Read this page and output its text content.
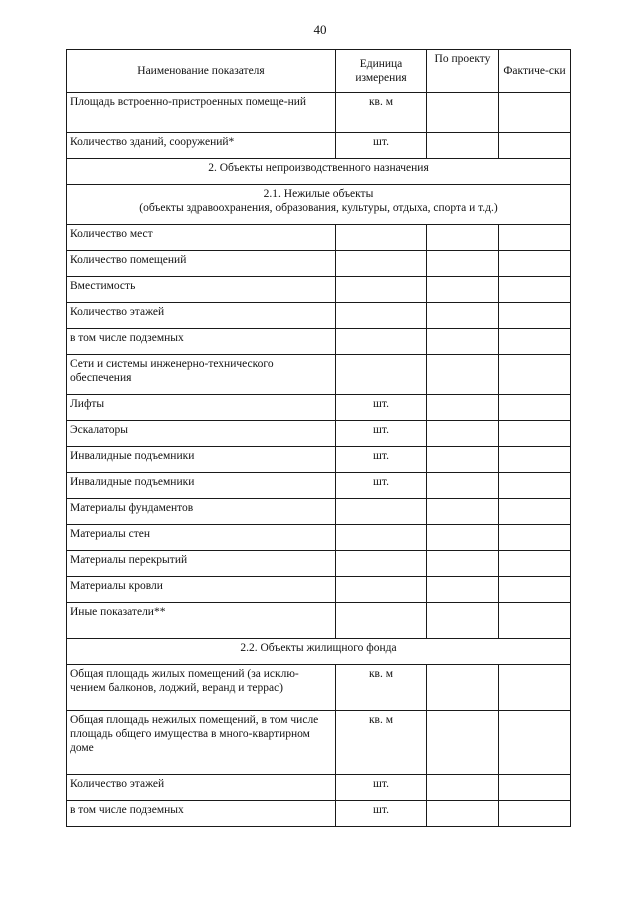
40
Наименование показателя	Единица измерения	По проекту	Фактиче-ски
Площадь встроенно-пристроенных помеще-ний	кв. м		
Количество зданий, сооружений*	шт.		
2. Объекты непроизводственного назначения			

2.1. Нежилые объекты
(объекты здравоохранения, образования, культуры, отдыха, спорта и т.д.)			

Количество мест			
Количество помещений			
Вместимость			
Количество этажей			
в том числе подземных			
Сети и системы инженерно-технического обеспечения			
Лифты	шт.		
Эскалаторы	шт.		
Инвалидные подъемники	шт.		
Инвалидные подъемники	шт.		
Материалы фундаментов			
Материалы стен			
Материалы перекрытий			
Материалы кровли			
Иные показатели**			
2.2. Объекты жилищного фонда			
Общая площадь жилых помещений (за исклю-чением балконов, лоджий, веранд и террас)	кв. м		
Общая площадь нежилых помещений, в том числе площадь общего имущества в много-квартирном доме	кв. м		
Количество этажей	шт.		
в том числе подземных	шт.		
